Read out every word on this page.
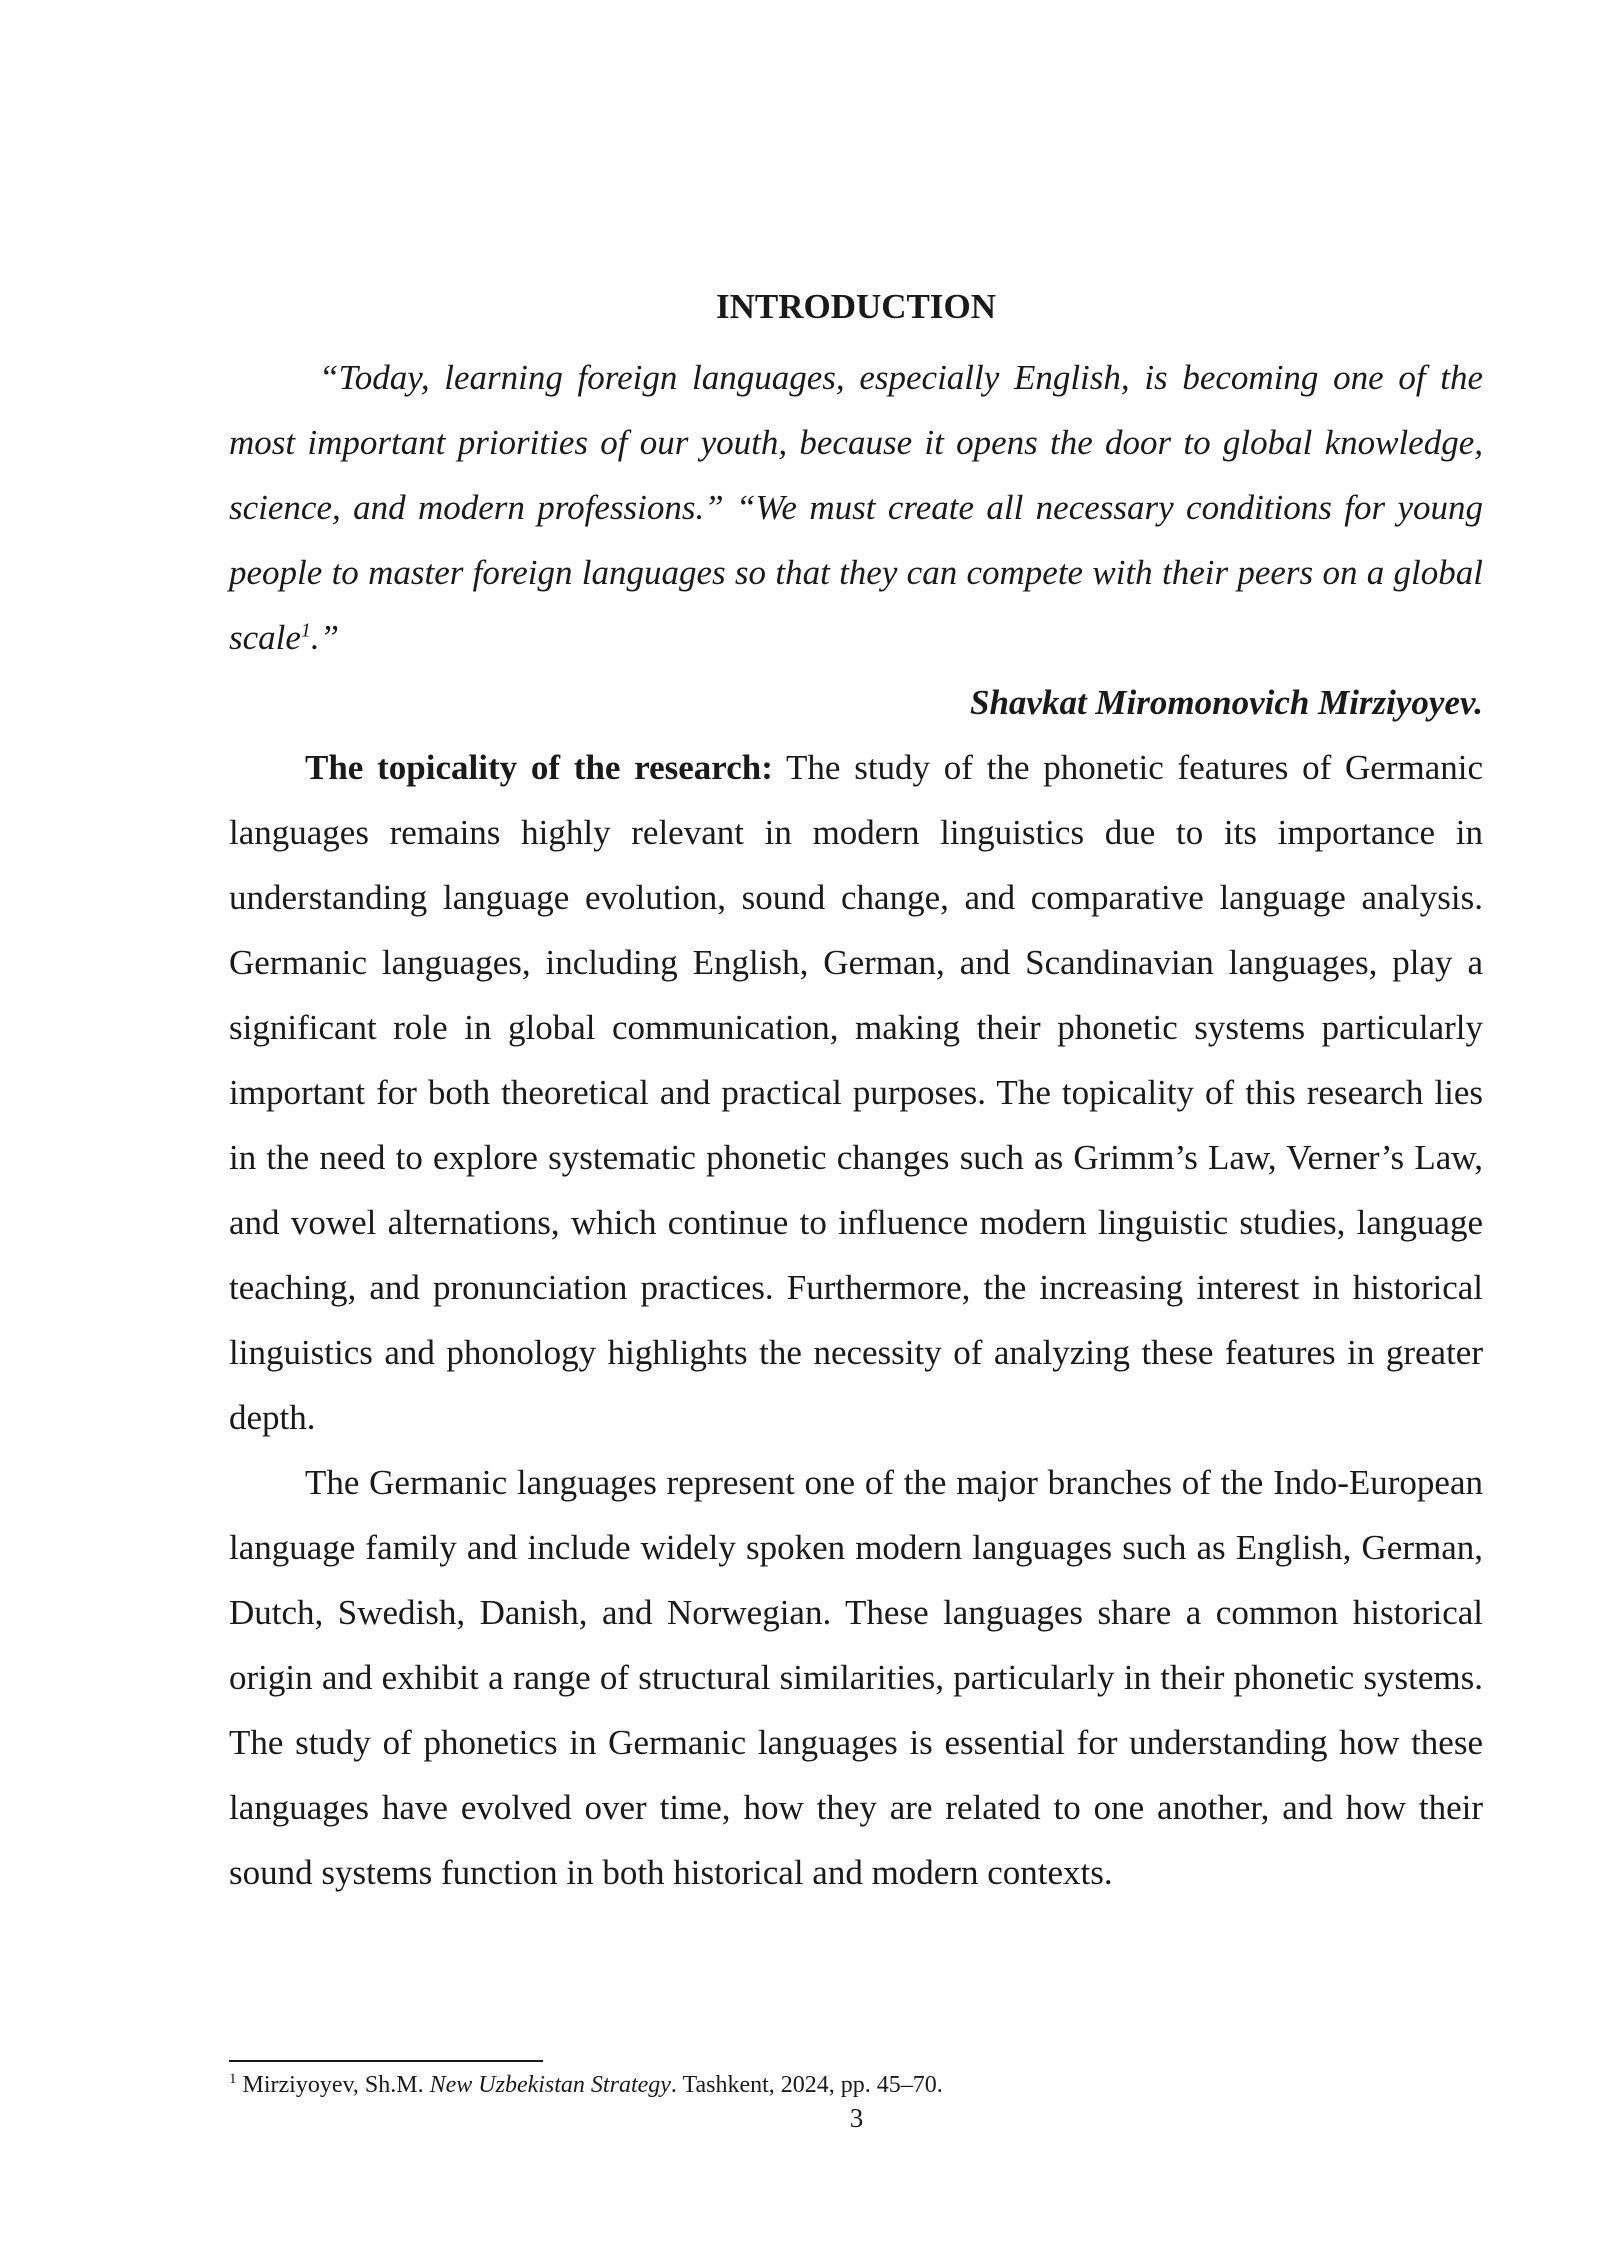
INTRODUCTION

“Today, learning foreign languages, especially English, is becoming one of the most important priorities of our youth, because it opens the door to global knowledge, science, and modern professions.” “We must create all necessary conditions for young people to master foreign languages so that they can compete with their peers on a global scale$^1$.”

Shavkat Miromonovich Mirziyoyev.

The topicality of the research: The study of the phonetic features of Germanic languages remains highly relevant in modern linguistics due to its importance in understanding language evolution, sound change, and comparative language analysis. Germanic languages, including English, German, and Scandinavian languages, play a significant role in global communication, making their phonetic systems particularly important for both theoretical and practical purposes. The topicality of this research lies in the need to explore systematic phonetic changes such as Grimm’s Law, Verner’s Law, and vowel alternations, which continue to influence modern linguistic studies, language teaching, and pronunciation practices. Furthermore, the increasing interest in historical linguistics and phonology highlights the necessity of analyzing these features in greater depth.

The Germanic languages represent one of the major branches of the Indo-European language family and include widely spoken modern languages such as English, German, Dutch, Swedish, Danish, and Norwegian. These languages share a common historical origin and exhibit a range of structural similarities, particularly in their phonetic systems. The study of phonetics in Germanic languages is essential for understanding how these languages have evolved over time, how they are related to one another, and how their sound systems function in both historical and modern contexts.

$^1$ Mirziyoyev, Sh.M. New Uzbekistan Strategy. Tashkent, 2024, pp. 45–70.
3
